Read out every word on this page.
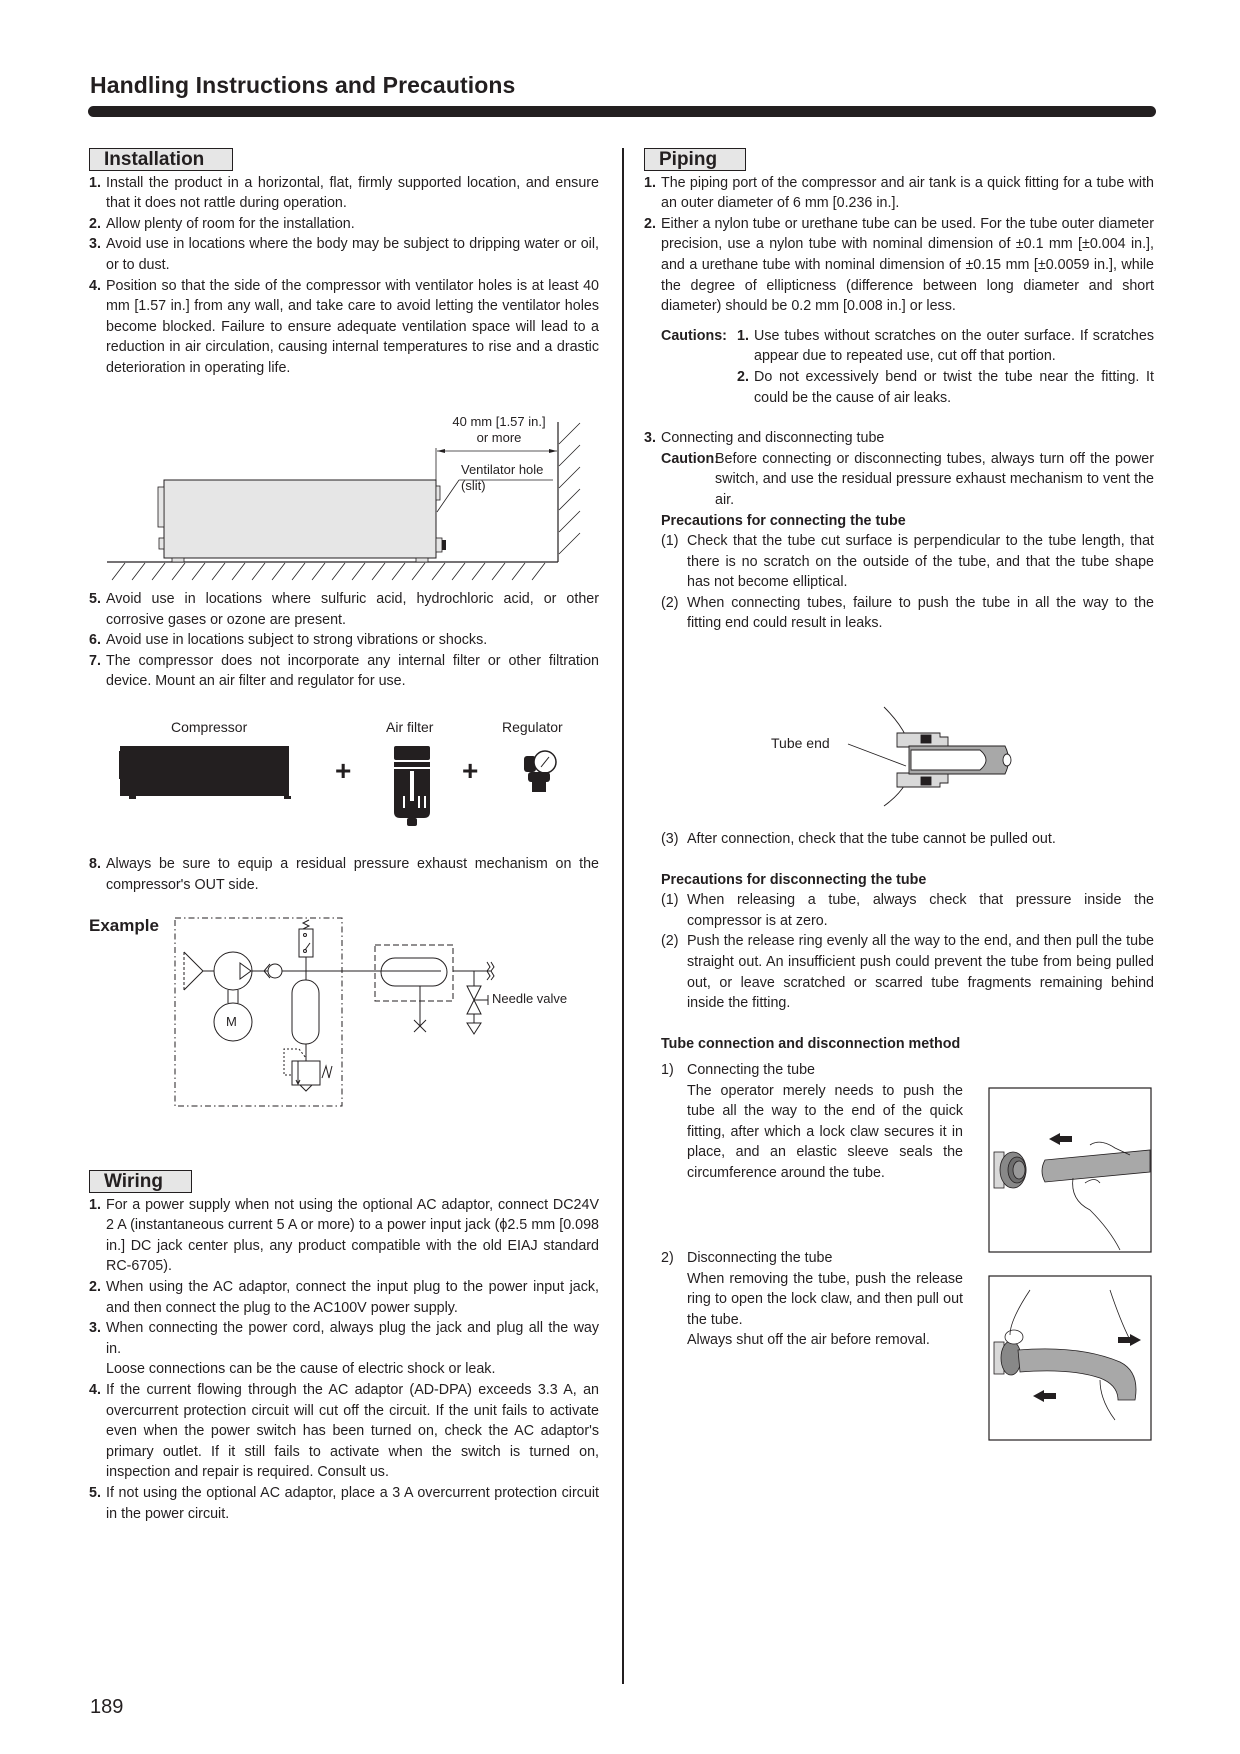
Handling Instructions and Precautions
Installation
1. Install the product in a horizontal, flat, firmly supported location, and ensure that it does not rattle during operation.
2. Allow plenty of room for the installation.
3. Avoid use in locations where the body may be subject to dripping water or oil, or to dust.
4. Position so that the side of the compressor with ventilator holes is at least 40 mm [1.57 in.] from any wall, and take care to avoid letting the ventilator holes become blocked. Failure to ensure adequate ventilation space will lead to a reduction in air circulation, causing internal temperatures to rise and a drastic deterioration in operating life.
40 mm [1.57 in.]
or more
Ventilator hole
(slit)
5. Avoid use in locations where sulfuric acid, hydrochloric acid, or other corrosive gases or ozone are present.
6. Avoid use in locations subject to strong vibrations or shocks.
7. The compressor does not incorporate any internal filter or other filtration device. Mount an air filter and regulator for use.
Compressor	Air filter	Regulator
+	+
8. Always be sure to equip a residual pressure exhaust mechanism on the compressor's OUT side.
Example
M
Needle valve
Wiring
1. For a power supply when not using the optional AC adaptor, connect DC24V 2 A (instantaneous current 5 A or more) to a power input jack (ϕ2.5 mm [0.098 in.] DC jack center plus, any product compatible with the old EIAJ standard RC-6705).
2. When using the AC adaptor, connect the input plug to the power input jack, and then connect the plug to the AC100V power supply.
3. When connecting the power cord, always plug the jack and plug all the way in.
Loose connections can be the cause of electric shock or leak.
4. If the current flowing through the AC adaptor (AD-DPA) exceeds 3.3 A, an overcurrent protection circuit will cut off the circuit. If the unit fails to activate even when the power switch has been turned on, check the AC adaptor's primary outlet. If it still fails to activate when the switch is turned on, inspection and repair is required. Consult us.
5. If not using the optional AC adaptor, place a 3 A overcurrent protection circuit in the power circuit.
Piping
1. The piping port of the compressor and air tank is a quick fitting for a tube with an outer diameter of 6 mm [0.236 in.].
2. Either a nylon tube or urethane tube can be used. For the tube outer diameter precision, use a nylon tube with nominal dimension of ±0.1 mm [±0.004 in.], and a urethane tube with nominal dimension of ±0.15 mm [±0.0059 in.], while the degree of ellipticness (difference between long diameter and short diameter) should be 0.2 mm [0.008 in.] or less.
Cautions: 1. Use tubes without scratches on the outer surface. If scratches appear due to repeated use, cut off that portion.
2. Do not excessively bend or twist the tube near the fitting. It could be the cause of air leaks.
3. Connecting and disconnecting tube
Caution:
Before connecting or disconnecting tubes, always turn off the power switch, and use the residual pressure exhaust mechanism to vent the air.
Precautions for connecting the tube
(1) Check that the tube cut surface is perpendicular to the tube length, that there is no scratch on the outside of the tube, and that the tube shape has not become elliptical.
(2) When connecting tubes, failure to push the tube in all the way to the fitting end could result in leaks.
Tube end
(3) After connection, check that the tube cannot be pulled out.
Precautions for disconnecting the tube
(1) When releasing a tube, always check that pressure inside the compressor is at zero.
(2) Push the release ring evenly all the way to the end, and then pull the tube straight out. An insufficient push could prevent the tube from being pulled out, or leave scratched or scarred tube fragments remaining behind inside the fitting.
Tube connection and disconnection method
1) Connecting the tube
The operator merely needs to push the tube all the way to the end of the quick fitting, after which a lock claw secures it in place, and an elastic sleeve seals the circumference around the tube.
2) Disconnecting the tube
When removing the tube, push the release ring to open the lock claw, and then pull out the tube.
Always shut off the air before removal.
189
